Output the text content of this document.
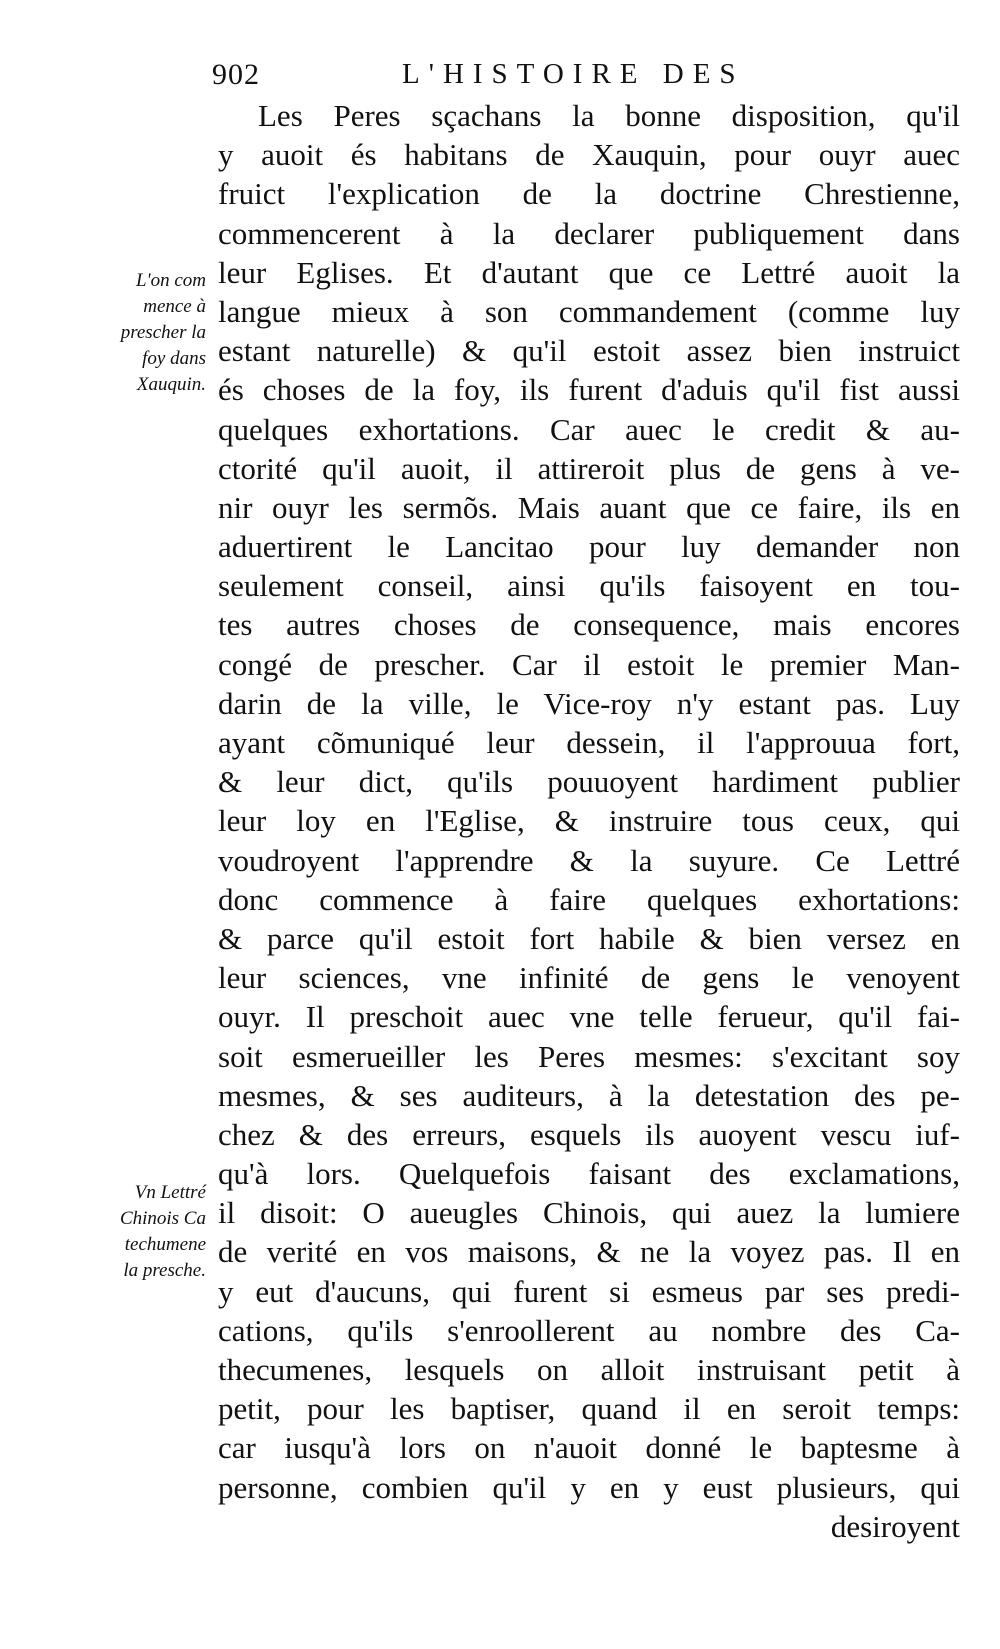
902	L'HISTOIRE DES
L'on com
mence à
prescher la
foy dans
Xauquin.
Vn Lettré
Chinois Ca
techumene
la presche.
Les Peres sçachans la bonne disposition, qu'il
y auoit és habitans de Xauquin, pour ouyr auec
fruict l'explication de la doctrine Chrestienne,
commencerent à la declarer publiquement dans
leur Eglises. Et d'autant que ce Lettré auoit la
langue mieux à son commandement (comme luy
estant naturelle) & qu'il estoit assez bien instruict
és choses de la foy, ils furent d'aduis qu'il fist aussi
quelques exhortations. Car auec le credit & au-
ctorité qu'il auoit, il attireroit plus de gens à ve-
nir ouyr les sermõs. Mais auant que ce faire, ils en
aduertirent le Lancitao pour luy demander non
seulement conseil, ainsi qu'ils faisoyent en tou-
tes autres choses de consequence, mais encores
congé de prescher. Car il estoit le premier Man-
darin de la ville, le Vice-roy n'y estant pas. Luy
ayant cõmuniqué leur dessein, il l'approuua fort,
& leur dict, qu'ils pouuoyent hardiment publier
leur loy en l'Eglise, & instruire tous ceux, qui
voudroyent l'apprendre & la suyure. Ce Lettré
donc commence à faire quelques exhortations:
& parce qu'il estoit fort habile & bien versez en
leur sciences, vne infinité de gens le venoyent
ouyr. Il preschoit auec vne telle ferueur, qu'il fai-
soit esmerueiller les Peres mesmes: s'excitant soy
mesmes, & ses auditeurs, à la detestation des pe-
chez & des erreurs, esquels ils auoyent vescu iuf-
qu'à lors. Quelquefois faisant des exclamations,
il disoit: O aueugles Chinois, qui auez la lumiere
de verité en vos maisons, & ne la voyez pas. Il en
y eut d'aucuns, qui furent si esmeus par ses predi-
cations, qu'ils s'enroollerent au nombre des Ca-
thecumenes, lesquels on alloit instruisant petit à
petit, pour les baptiser, quand il en seroit temps:
car iusqu'à lors on n'auoit donné le baptesme à
personne, combien qu'il y en y eust plusieurs, qui
desiroyent
